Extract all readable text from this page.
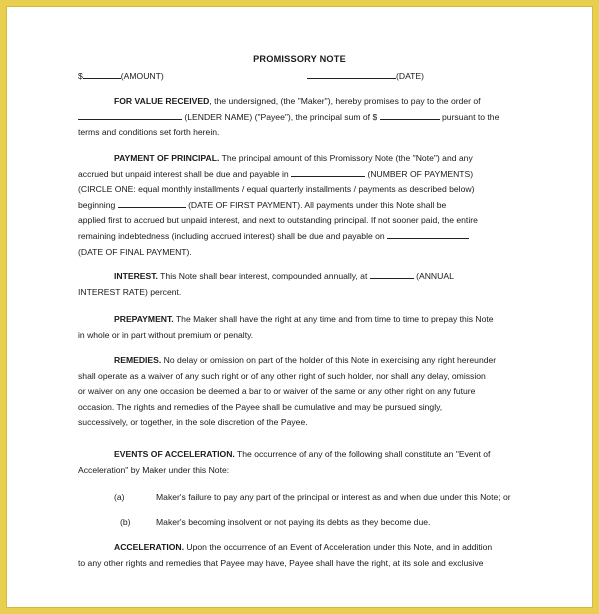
PROMISSORY NOTE
$	(AMOUNT)	(DATE)
FOR VALUE RECEIVED, the undersigned, (the "Maker"), hereby promises to pay to the order of
(LENDER NAME) ("Payee"), the principal sum of $	pursuant to the
terms and conditions set forth herein.
PAYMENT OF PRINCIPAL. The principal amount of this Promissory Note (the "Note") and any
accrued but unpaid interest shall be due and payable in	(NUMBER OF PAYMENTS)
(CIRCLE ONE: equal monthly installments / equal quarterly installments / payments as described below)
beginning	(DATE OF FIRST PAYMENT). All payments under this Note shall be
applied first to accrued but unpaid interest, and next to outstanding principal. If not sooner paid, the entire
remaining indebtedness (including accrued interest) shall be due and payable on
(DATE OF FINAL PAYMENT).
INTEREST. This Note shall bear interest, compounded annually, at	(ANNUAL
INTEREST RATE) percent.
PREPAYMENT. The Maker shall have the right at any time and from time to time to prepay this Note
in whole or in part without premium or penalty.
REMEDIES. No delay or omission on part of the holder of this Note in exercising any right hereunder
shall operate as a waiver of any such right or of any other right of such holder, nor shall any delay, omission
or waiver on any one occasion be deemed a bar to or waiver of the same or any other right on any future
occasion. The rights and remedies of the Payee shall be cumulative and may be pursued singly,
successively, or together, in the sole discretion of the Payee.
EVENTS OF ACCELERATION. The occurrence of any of the following shall constitute an "Event of
Acceleration" by Maker under this Note:
(a)	Maker's failure to pay any part of the principal or interest as and when due under this Note; or
(b)	Maker's becoming insolvent or not paying its debts as they become due.
ACCELERATION. Upon the occurrence of an Event of Acceleration under this Note, and in addition
to any other rights and remedies that Payee may have, Payee shall have the right, at its sole and exclusive
